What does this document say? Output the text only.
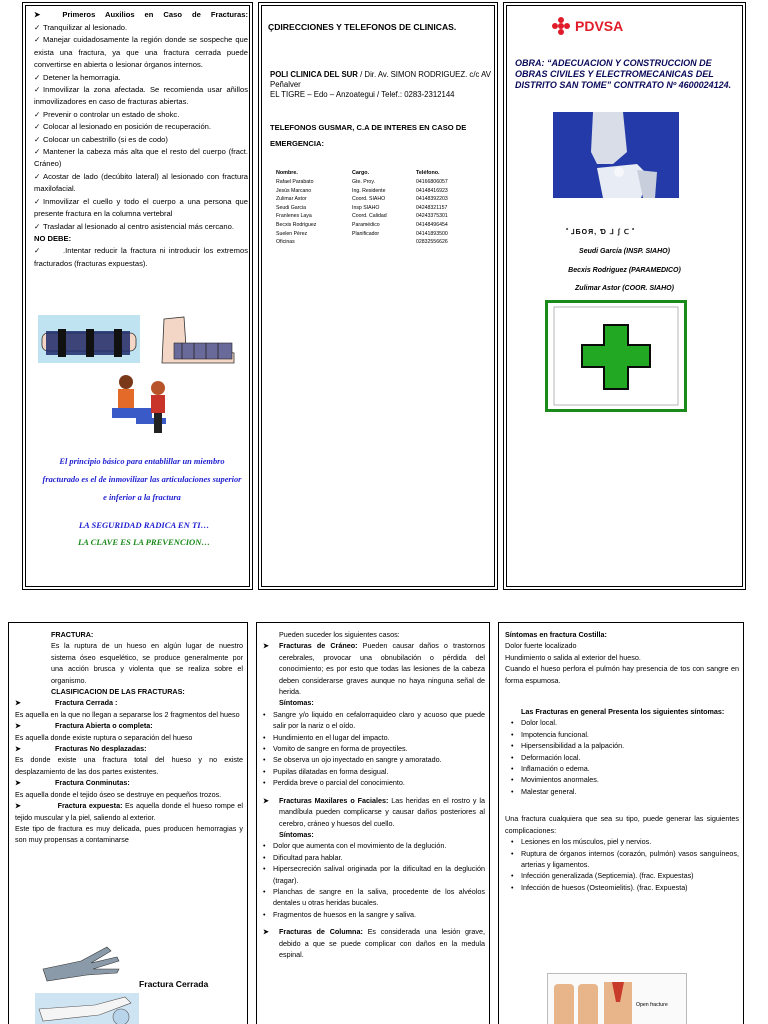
➤	Primeros Auxilios en Caso de Fracturas:
✓ Tranquilizar al lesionado.
✓ Manejar cuidadosamente la región donde se sospeche que exista una fractura, ya que una fractura cerrada puede convertirse en abierta o lesionar órganos internos.
✓ Detener la hemorragia.
✓ Inmovilizar la zona afectada. Se recomienda usar añillos inmovilizadores en caso de fracturas abiertas.
✓ Prevenir o controlar un estado de shokc.
✓ Colocar al lesionado en posición de recuperación.
✓ Colocar un cabestrillo (si es de codo)
✓ Mantener la cabeza más alta que el resto del cuerpo (fract. Cráneo)
✓ Acostar de lado (decúbito lateral) al lesionado con fractura maxilofacial.
✓ Inmovilizar el cuello y todo el cuerpo a una persona que presente fractura en la columna vertebral
✓ Trasladar al lesionado al centro asistencial más cercano.
NO DEBE:
✓	.Intentar reducir la fractura ni introducir los extremos fracturados (fracturas expuestas).
El principio básico para entablillar un miembro fracturado es el de inmovilizar las articulaciones superior e inferior a la fractura
LA SEGURIDAD RADICA EN TI…
LA CLAVE ES LA PREVENCION…
ÇDIRECCIONES Y TELEFONOS DE CLINICAS.
POLI CLINICA DEL SUR / Dir. Av. SIMON RODRIGUEZ. c/c AV Peñalver
EL TIGRE – Edo – Anzoategui / Telef.: 0283-2312144
TELEFONOS GUSMAR, C.A DE INTERES EN CASO DE EMERGENCIA:
Nombre.	Cargo.	Teléfono.
Rafael Parabato	Gte. Proy.	04166806057
Jesús Marcano	Ing. Residente	04148416923
Zulimar Astor	Coord. SIAHO	04148392203
Seudi Garcia	Insp SIAHO	04248321157
Franlenes Laya	Coord. Calidad	04243375301
Becxis Rodriguez	Paramédico	04148496454
Suelen Pérez	Planificador	04141893500
Oficinas		02832556626
PDVSA
OBRA: “ADECUACION Y CONSTRUCCION DE OBRAS CIVILES Y ELECTROMECANICAS DEL DISTRITO SAN TOME” CONTRATO Nº 4600024124.
ⷶ ⅃ƂOЯ, Ɗ ⅃ ʃ ᑕ ⷶ
Seudi García (INSP. SIAHO)
Becxis Rodriguez (PARAMEDICO)
Zulimar Astor (COOR. SIAHO)
FRACTURA:
Es la ruptura de un hueso en algún lugar de nuestro sistema óseo esquelético, se produce generalmente por una acción brusca y violenta que se realiza sobre el organismo.
CLASIFICACION DE LAS FRACTURAS:
➤	Fractura Cerrada :
Es aquella en la que no llegan a separarse los 2 fragmentos del hueso
➤	Fractura Abierta o completa:
Es aquella donde existe ruptura o separación del hueso
➤	Fracturas No desplazadas:
Es donde existe una fractura total del hueso y no existe desplazamiento de las dos partes existentes.
➤	Fractura Conminutas:
Es aquella donde el tejido óseo se destruye en pequeños trozos.
➤	Fractura expuesta: Es aquella donde el hueso rompe el tejido muscular y la piel, saliendo al exterior.
Este tipo de fractura es muy delicada, pues producen hemorragias y son muy propensas a contaminarse
Fractura Cerrada
Pueden suceder los siguientes casos:
➤ Fracturas de Cráneo: Pueden causar daños o trastornos cerebrales, provocar una obnubilación o pérdida del conocimiento; es por esto que todas las lesiones de la cabeza deben considerarse graves aunque no haya ninguna señal de herida.
Síntomas:
• Sangre y/o liquido en cefalorraquideo claro y acuoso que puede salir por la nariz o el oído.
• Hundimiento en el lugar del impacto.
• Vomito de sangre en forma de proyectiles.
• Se observa un ojo inyectado en sangre y amoratado.
• Pupilas dilatadas en forma desigual.
• Perdida breve o parcial del conocimiento.
➤ Fracturas Maxilares o Faciales: Las heridas en el rostro y la mandíbula pueden complicarse y causar daños posteriores al cerebro, cráneo y huesos del cuello.
Síntomas:
• Dolor que aumenta con el movimiento de la deglución.
• Dificultad para hablar.
• Hipersecreción salival originada por la dificultad en la deglución (tragar).
• Planchas de sangre en la saliva, procedente de los alvéolos dentales u otras heridas bucales.
• Fragmentos de huesos en la sangre y saliva.
➤ Fracturas de Columna: Es considerada una lesión grave, debido a que se puede complicar con daños en la medula espinal.
Síntomas en fractura Costilla:
Dolor fuerte localizado
Hundimiento o salida al exterior del hueso.
Cuando el hueso perfora el pulmón hay presencia de tos con sangre en forma espumosa.
Las Fracturas en general Presenta los siguientes síntomas:
• Dolor local.
• Impotencia funcional.
• Hipersensibilidad a la palpación.
• Deformación local.
• Inflamación o edema.
• Movimientos anormales.
• Malestar general.
Una fractura cualquiera que sea su tipo, puede generar las siguientes complicaciones:
• Lesiones en los músculos, piel y nervios.
• Ruptura de órganos internos (corazón, pulmón) vasos sanguíneos, arterias y ligamentos.
• Infección generalizada (Septicemia). (frac. Expuestas)
• Infección de huesos (Osteomielitis). (frac. Expuesta)
Open fracture
